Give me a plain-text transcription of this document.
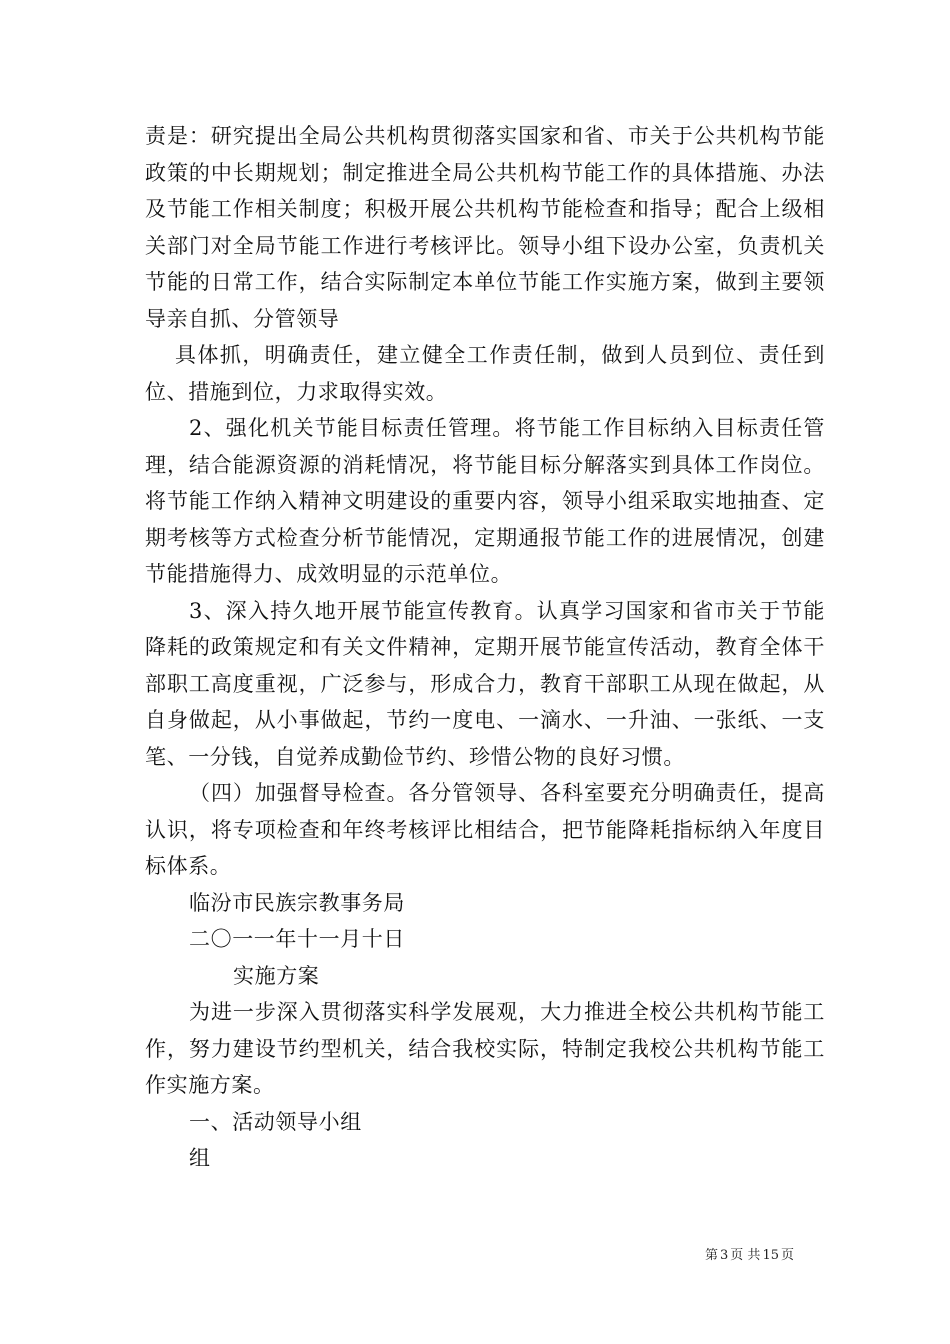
责是：研究提出全局公共机构贯彻落实国家和省、市关于公共机构节能政策的中长期规划；制定推进全局公共机构节能工作的具体措施、办法及节能工作相关制度；积极开展公共机构节能检查和指导；配合上级相关部门对全局节能工作进行考核评比。领导小组下设办公室，负责机关节能的日常工作，结合实际制定本单位节能工作实施方案，做到主要领导亲自抓、分管领导

具体抓，明确责任，建立健全工作责任制，做到人员到位、责任到位、措施到位，力求取得实效。

2、强化机关节能目标责任管理。将节能工作目标纳入目标责任管理，结合能源资源的消耗情况，将节能目标分解落实到具体工作岗位。将节能工作纳入精神文明建设的重要内容，领导小组采取实地抽查、定期考核等方式检查分析节能情况，定期通报节能工作的进展情况，创建节能措施得力、成效明显的示范单位。

3、深入持久地开展节能宣传教育。认真学习国家和省市关于节能降耗的政策规定和有关文件精神，定期开展节能宣传活动，教育全体干部职工高度重视，广泛参与，形成合力，教育干部职工从现在做起，从自身做起，从小事做起，节约一度电、一滴水、一升油、一张纸、一支笔、一分钱，自觉养成勤俭节约、珍惜公物的良好习惯。

（四）加强督导检查。各分管领导、各科室要充分明确责任，提高认识，将专项检查和年终考核评比相结合，把节能降耗指标纳入年度目标体系。

临汾市民族宗教事务局

二〇一一年十一月十日

实施方案

为进一步深入贯彻落实科学发展观，大力推进全校公共机构节能工作，努力建设节约型机关，结合我校实际，特制定我校公共机构节能工作实施方案。

一、活动领导小组

组

第 3 页 共 15 页
